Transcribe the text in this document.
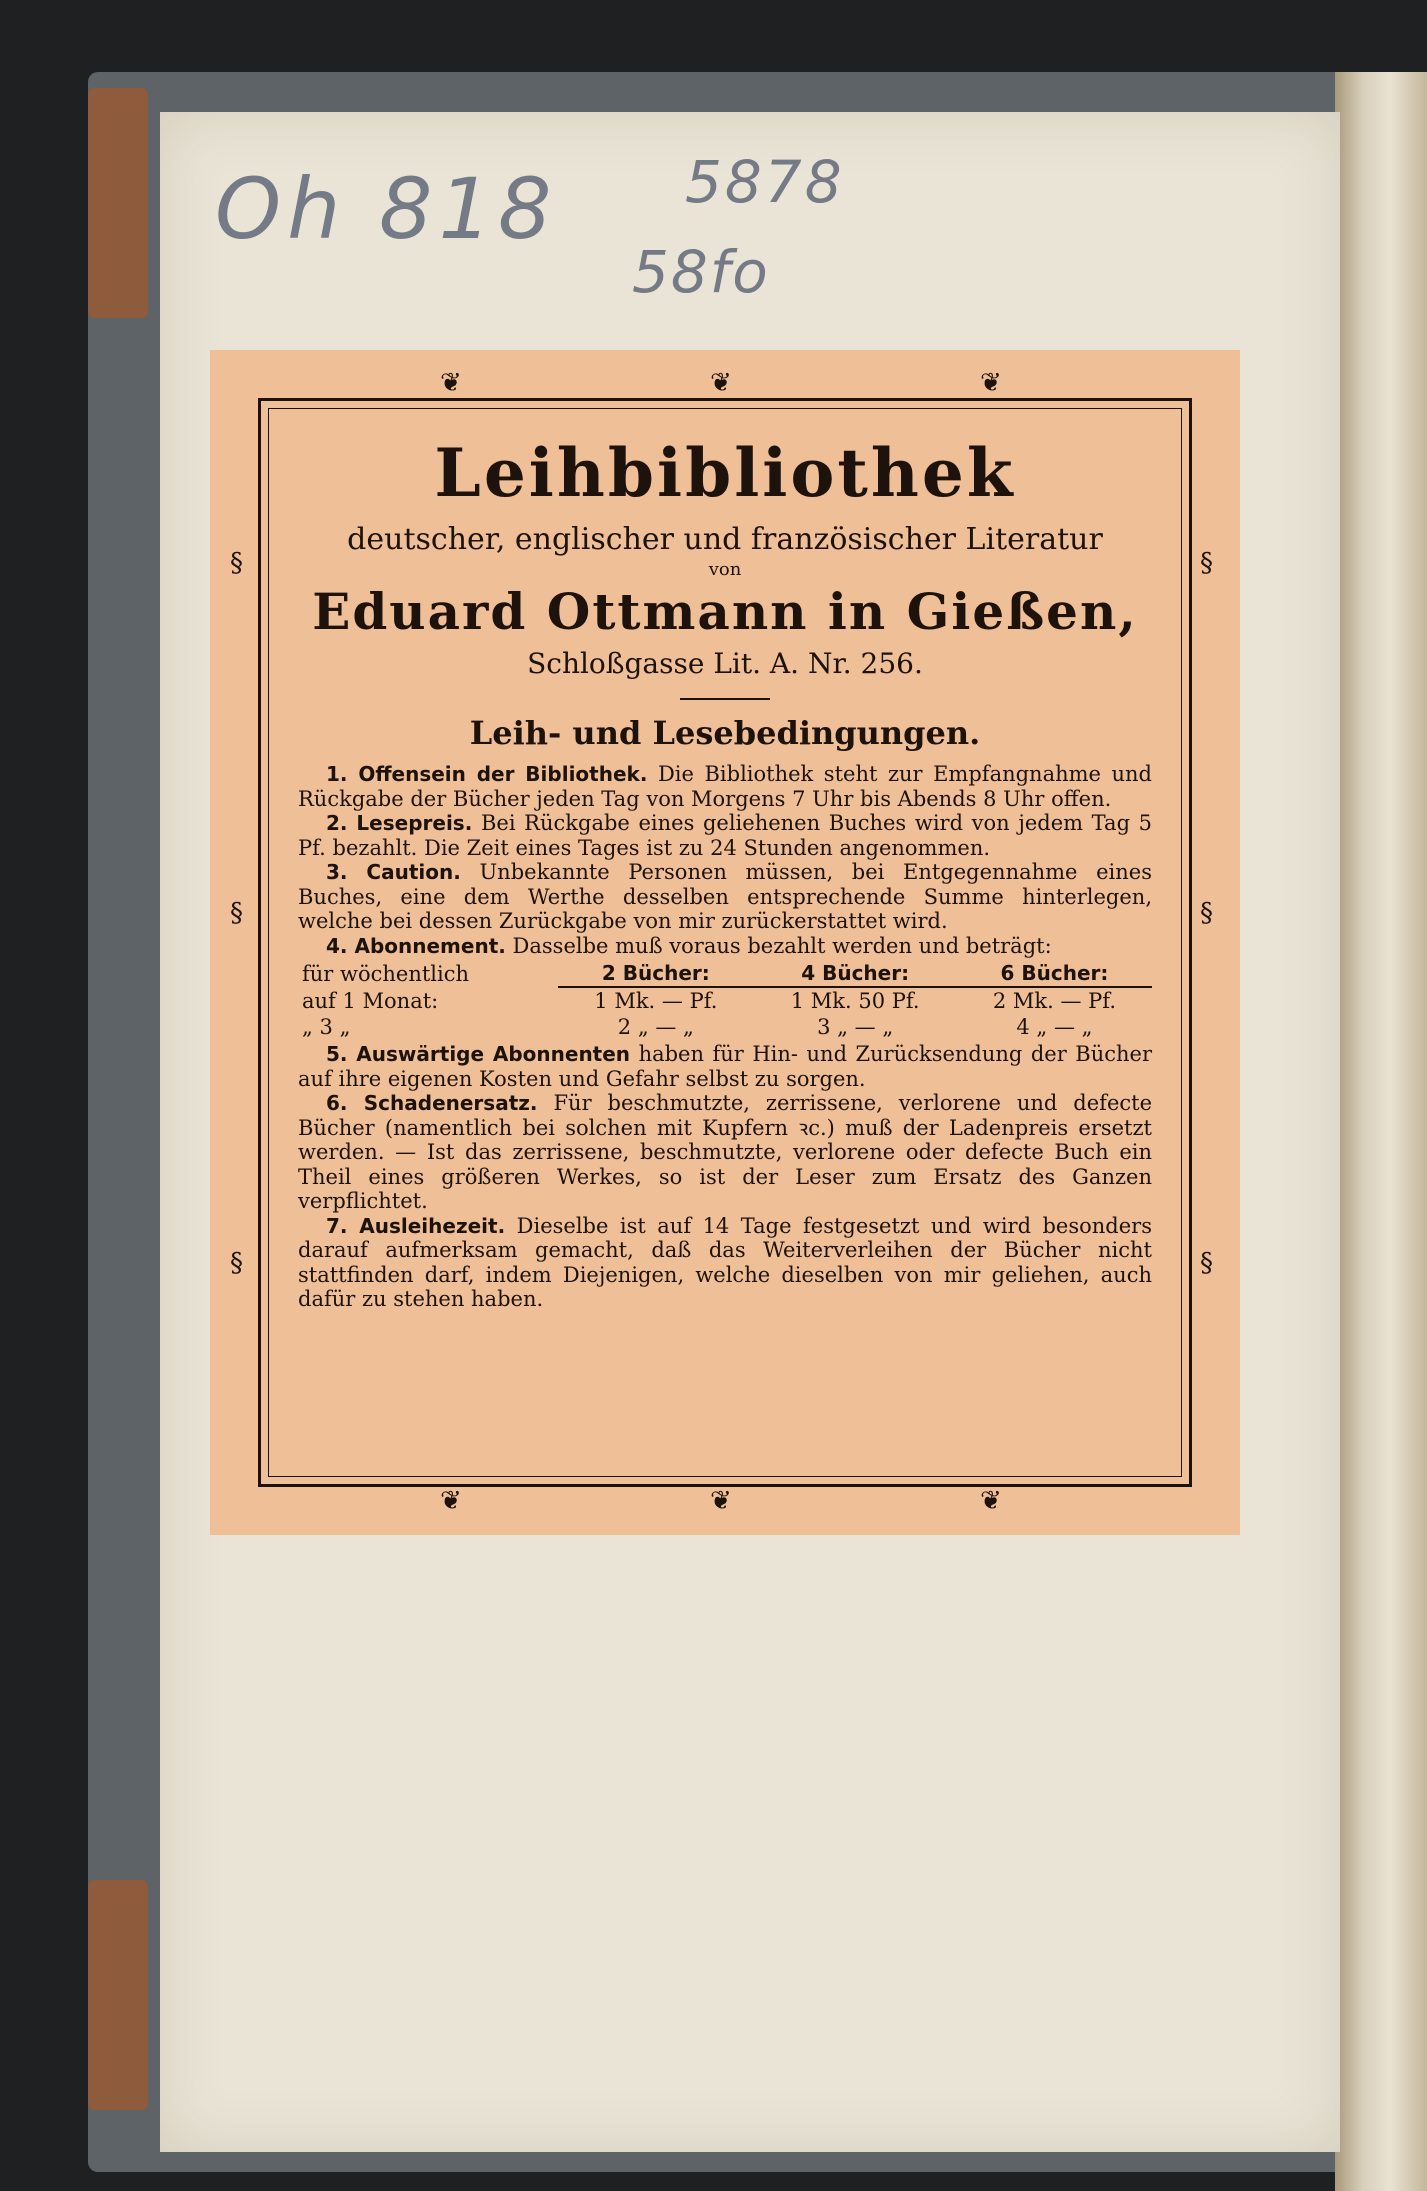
Oh 818 5878
58fo
❦	❦	❦
❦	❦	❦
§
§
§
§
§
§
Leihbibliothek
deutscher, englischer und französischer Literatur
von
Eduard Ottmann in Gießen,
Schloßgasse Lit. A. Nr. 256.
Leih- und Lesebedingungen.

1. Offensein der Bibliothek. Die Bibliothek steht zur Empfangnahme und Rückgabe der Bücher jeden Tag von Morgens 7 Uhr bis Abends 8 Uhr offen.

2. Lesepreis. Bei Rückgabe eines geliehenen Buches wird von jedem Tag 5 Pf. bezahlt. Die Zeit eines Tages ist zu 24 Stunden angenommen.

3. Caution. Unbekannte Personen müssen, bei Entgegennahme eines Buches, eine dem Werthe desselben entsprechende Summe hinterlegen, welche bei dessen Zurückgabe von mir zurückerstattet wird.

4. Abonnement. Dasselbe muß voraus bezahlt werden und beträgt:

für wöchentlich	2 Bücher:	4 Bücher:	6 Bücher:
auf 1 Monat:	1 Mk. — Pf.	1 Mk. 50 Pf.	2 Mk. — Pf.
„ 3 „	2 „ — „	3 „ — „	4 „ — „

5. Auswärtige Abonnenten haben für Hin- und Zurücksendung der Bücher auf ihre eigenen Kosten und Gefahr selbst zu sorgen.

6. Schadenersatz. Für beschmutzte, zerrissene, verlorene und defecte Bücher (namentlich bei solchen mit Kupfern ꝛc.) muß der Ladenpreis ersetzt werden. — Ist das zerrissene, beschmutzte, verlorene oder defecte Buch ein Theil eines größeren Werkes, so ist der Leser zum Ersatz des Ganzen verpflichtet.

7. Ausleihezeit. Dieselbe ist auf 14 Tage festgesetzt und wird besonders darauf aufmerksam gemacht, daß das Weiterverleihen der Bücher nicht stattfinden darf, indem Diejenigen, welche dieselben von mir geliehen, auch dafür zu stehen haben.
